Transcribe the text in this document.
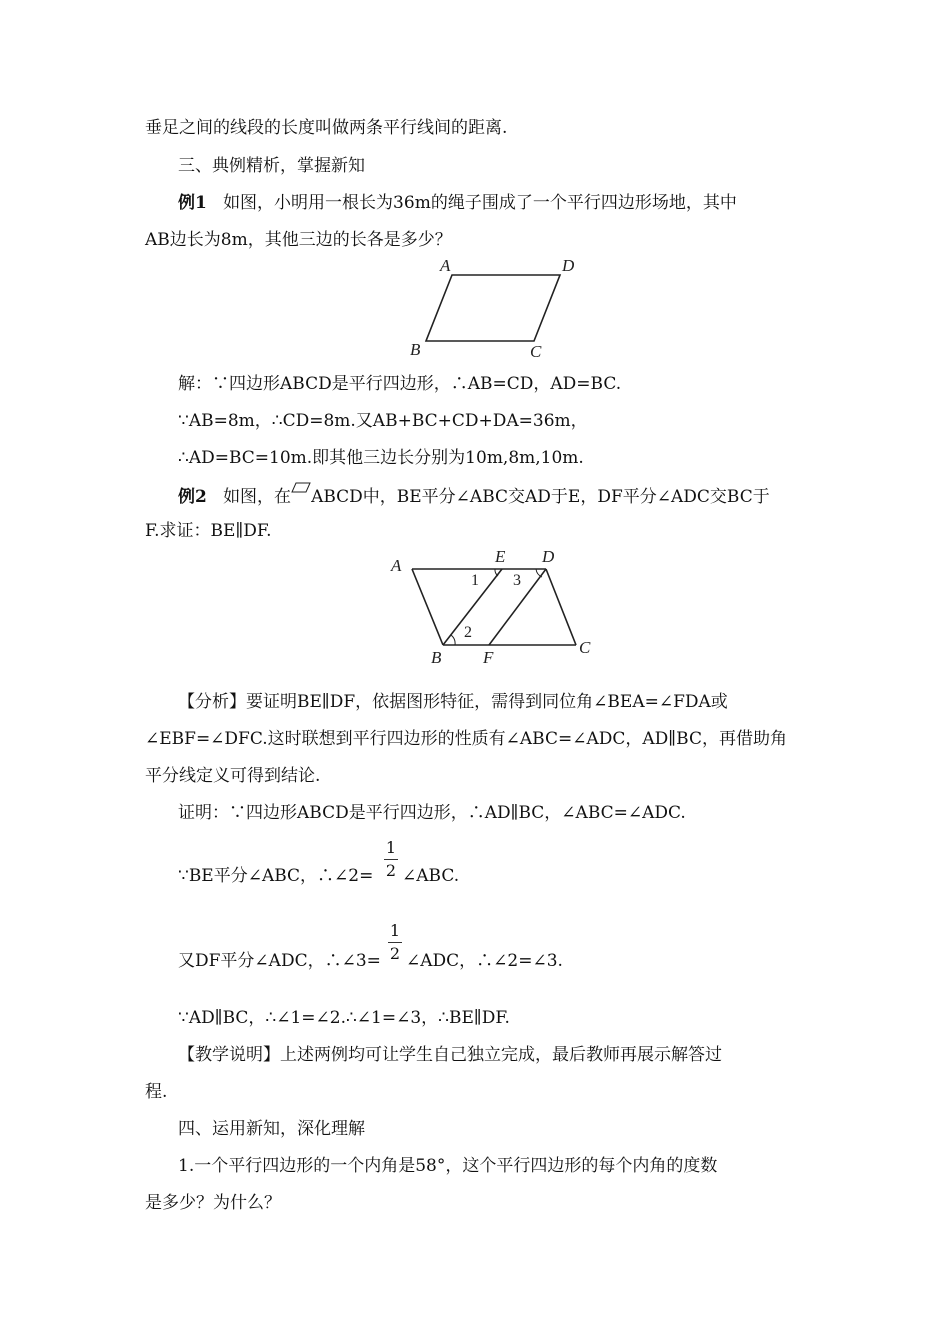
垂足之间的线段的长度叫做两条平行线间的距离.
三、典例精析，掌握新知
例1 如图，小明用一根长为36m的绳子围成了一个平行四边形场地，其中
AB边长为8m，其他三边的长各是多少？
A	D
B	C
解：∵四边形ABCD是平行四边形，∴AB=CD，AD=BC.
∵AB=8m，∴CD=8m.又AB+BC+CD+DA=36m，
∴AD=BC=10m.即其他三边长分别为10m,8m,10m.
例2 如图，在 ABCD中，BE平分∠ABC交AD于E，DF平分∠ADC交BC于
F.求证：BE∥DF.
A	E D
B F
C
1
2
3
【分析】要证明BE∥DF，依据图形特征，需得到同位角∠BEA=∠FDA或
∠EBF=∠DFC.这时联想到平行四边形的性质有∠ABC=∠ADC，AD∥BC，再借助角
平分线定义可得到结论.
证明：∵四边形ABCD是平行四边形，∴AD∥BC，∠ABC=∠ADC.
∵BE平分∠ABC，∴∠2=
1
2 ∠ABC.
又DF平分∠ADC，∴∠3=
1
2 ∠ADC，∴∠2=∠3.
∵AD∥BC，∴∠1=∠2.∴∠1=∠3，∴BE∥DF.
【教学说明】上述两例均可让学生自己独立完成，最后教师再展示解答过
程.
四、运用新知，深化理解
1.一个平行四边形的一个内角是58°，这个平行四边形的每个内角的度数
是多少？为什么？
